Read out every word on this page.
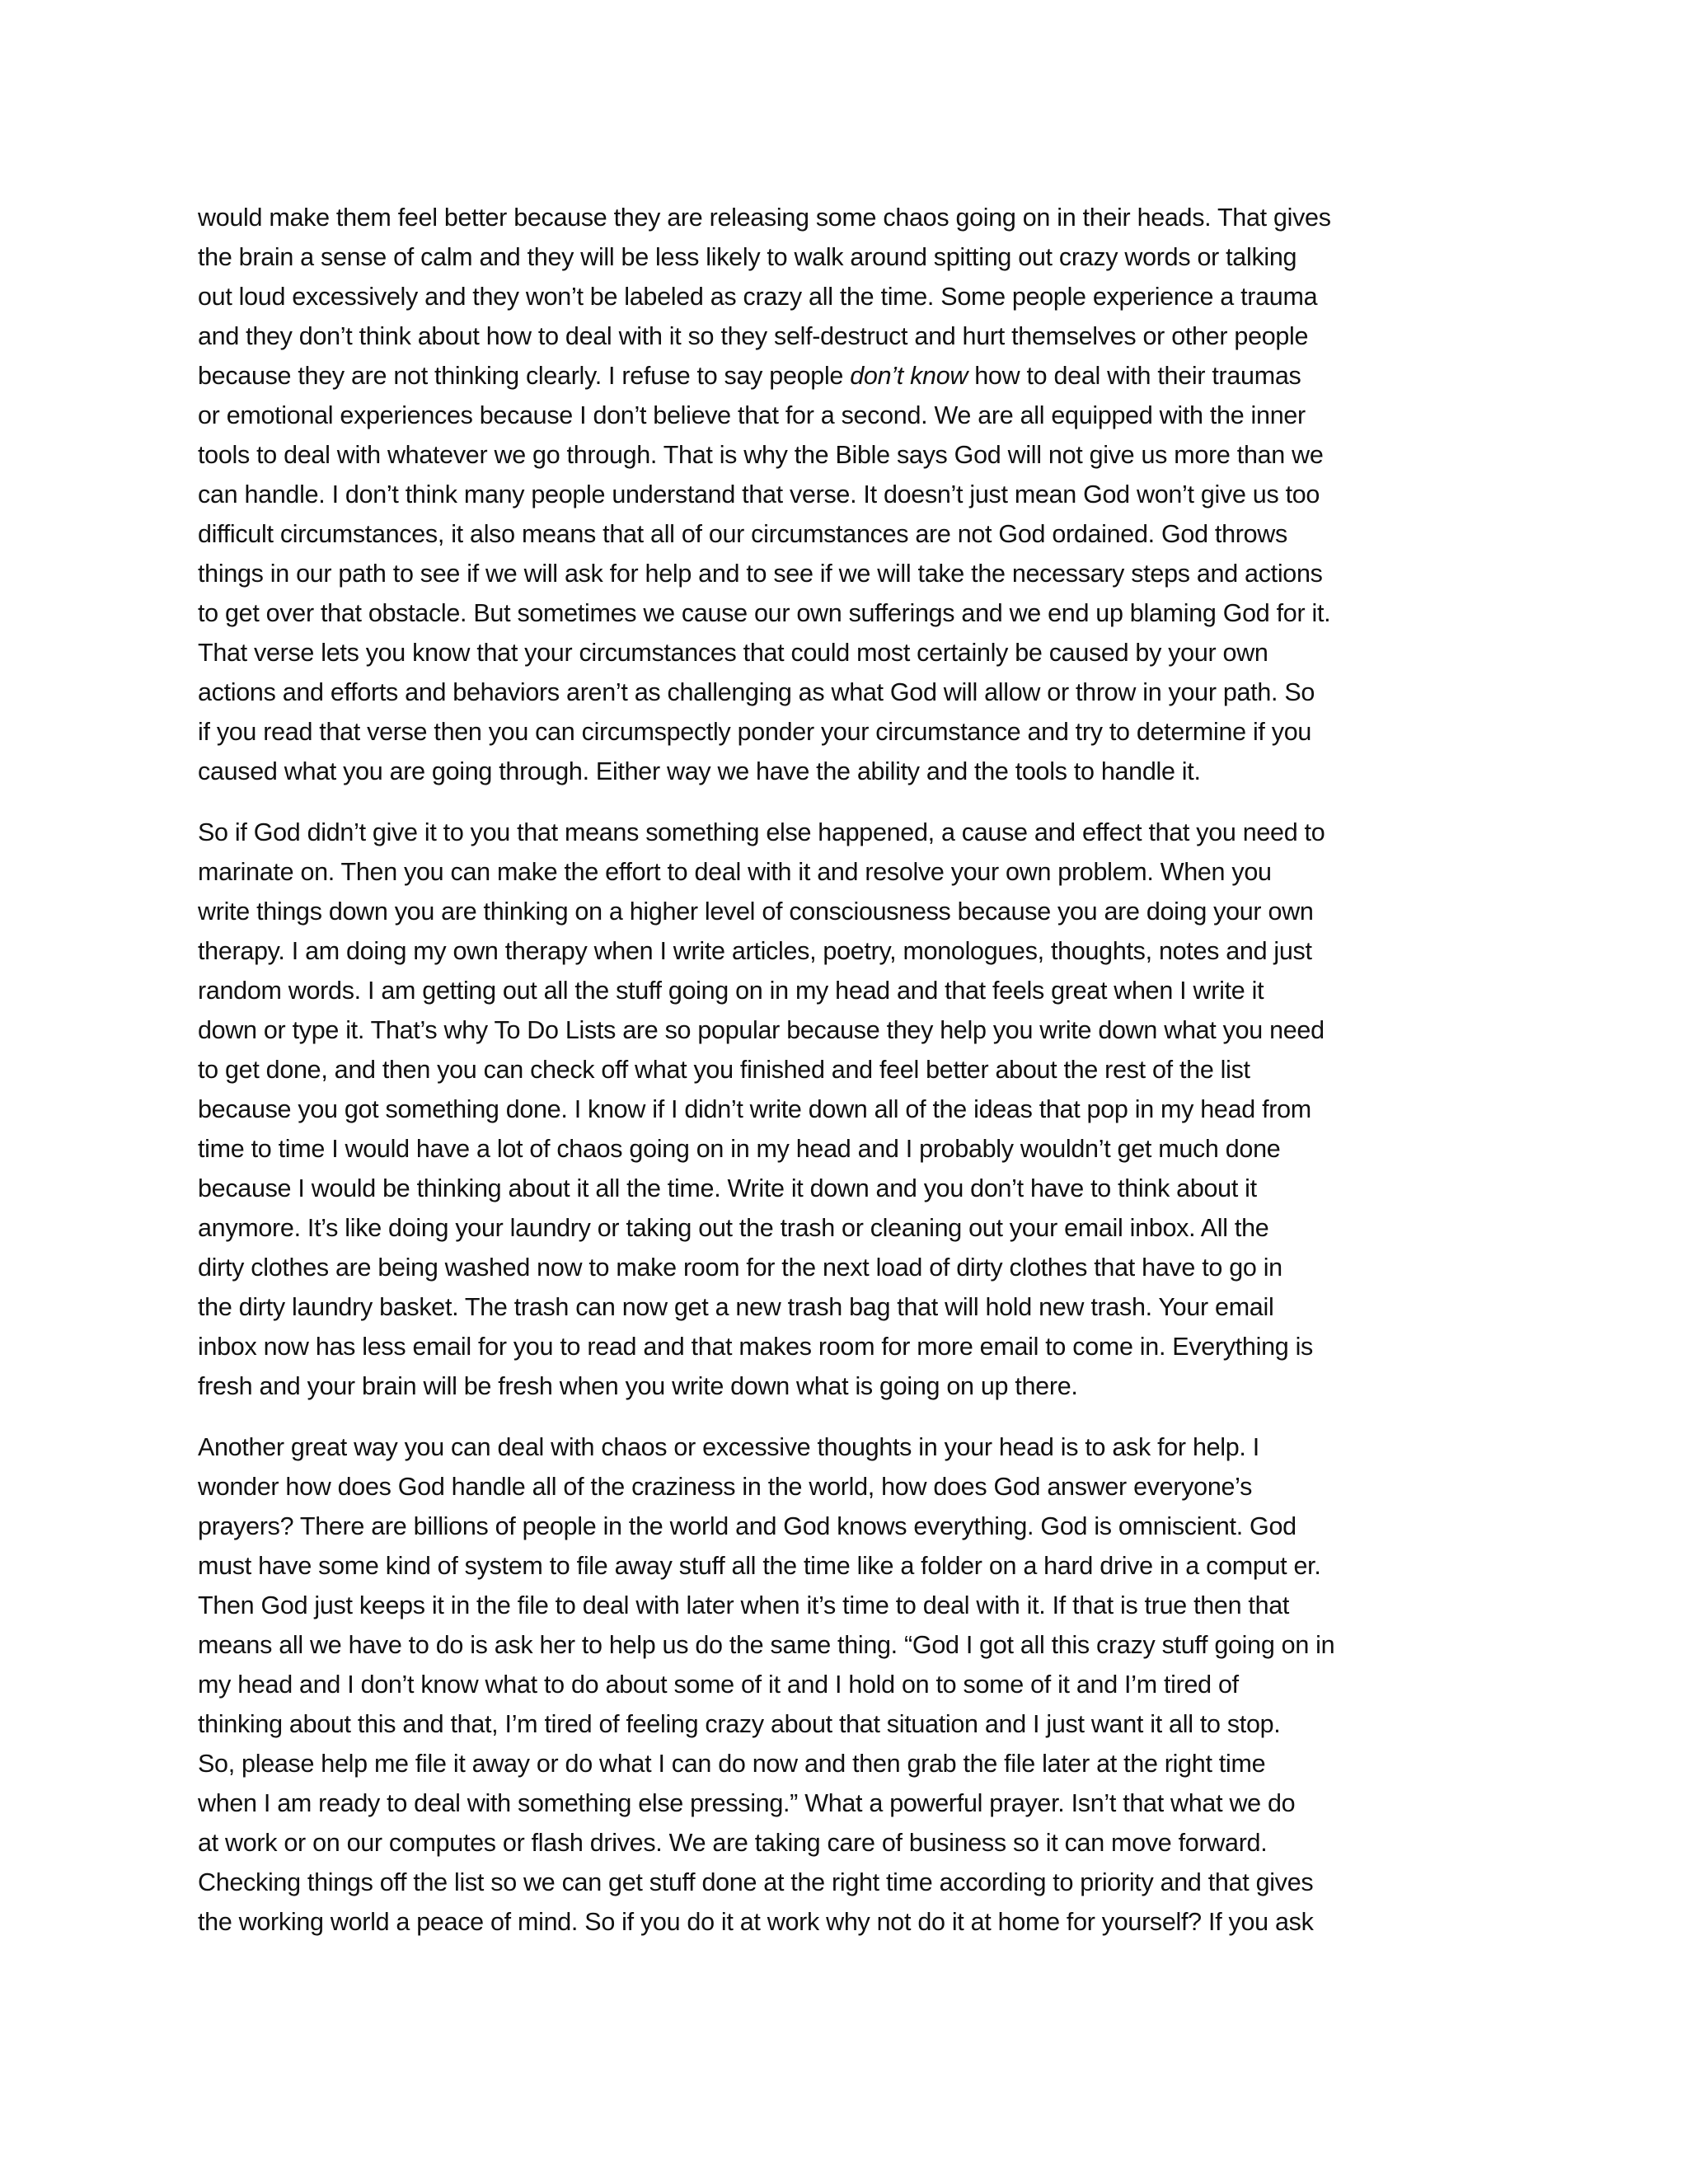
would make them feel better because they are releasing some chaos going on in their heads. That gives
the brain a sense of calm and they will be less likely to walk around spitting out crazy words or talking
out loud excessively and they won’t be labeled as crazy all the time. Some people experience a trauma
and they don’t think about how to deal with it so they self-destruct and hurt themselves or other people
because they are not thinking clearly. I refuse to say people don’t know how to deal with their traumas
or emotional experiences because I don’t believe that for a second. We are all equipped with the inner
tools to deal with whatever we go through. That is why the Bible says God will not give us more than we
can handle. I don’t think many people understand that verse. It doesn’t just mean God won’t give us too
difficult circumstances, it also means that all of our circumstances are not God ordained. God throws
things in our path to see if we will ask for help and to see if we will take the necessary steps and actions
to get over that obstacle. But sometimes we cause our own sufferings and we end up blaming God for it.
That verse lets you know that your circumstances that could most certainly be caused by your own
actions and efforts and behaviors aren’t as challenging as what God will allow or throw in your path. So
if you read that verse then you can circumspectly ponder your circumstance and try to determine if you
caused what you are going through. Either way we have the ability and the tools to handle it.
So if God didn’t give it to you that means something else happened, a cause and effect that you need to
marinate on. Then you can make the effort to deal with it and resolve your own problem. When you
write things down you are thinking on a higher level of consciousness because you are doing your own
therapy. I am doing my own therapy when I write articles, poetry, monologues, thoughts, notes and just
random words. I am getting out all the stuff going on in my head and that feels great when I write it
down or type it. That’s why To Do Lists are so popular because they help you write down what you need
to get done, and then you can check off what you finished and feel better about the rest of the list
because you got something done. I know if I didn’t write down all of the ideas that pop in my head from
time to time I would have a lot of chaos going on in my head and I probably wouldn’t get much done
because I would be thinking about it all the time. Write it down and you don’t have to think about it
anymore. It’s like doing your laundry or taking out the trash or cleaning out your email inbox. All the
dirty clothes are being washed now to make room for the next load of dirty clothes that have to go in
the dirty laundry basket. The trash can now get a new trash bag that will hold new trash. Your email
inbox now has less email for you to read and that makes room for more email to come in. Everything is
fresh and your brain will be fresh when you write down what is going on up there.
Another great way you can deal with chaos or excessive thoughts in your head is to ask for help. I
wonder how does God handle all of the craziness in the world, how does God answer everyone’s
prayers? There are billions of people in the world and God knows everything. God is omniscient. God
must have some kind of system to file away stuff all the time like a folder on a hard drive in a comput er.
Then God just keeps it in the file to deal with later when it’s time to deal with it. If that is true then that
means all we have to do is ask her to help us do the same thing. “God I got all this crazy stuff going on in
my head and I don’t know what to do about some of it and I hold on to some of it and I’m tired of
thinking about this and that, I’m tired of feeling crazy about that situation and I just want it all to stop.
So, please help me file it away or do what I can do now and then grab the file later at the right time
when I am ready to deal with something else pressing.” What a powerful prayer. Isn’t that what we do
at work or on our computes or flash drives. We are taking care of business so it can move forward.
Checking things off the list so we can get stuff done at the right time according to priority and that gives
the working world a peace of mind. So if you do it at work why not do it at home for yourself? If you ask
